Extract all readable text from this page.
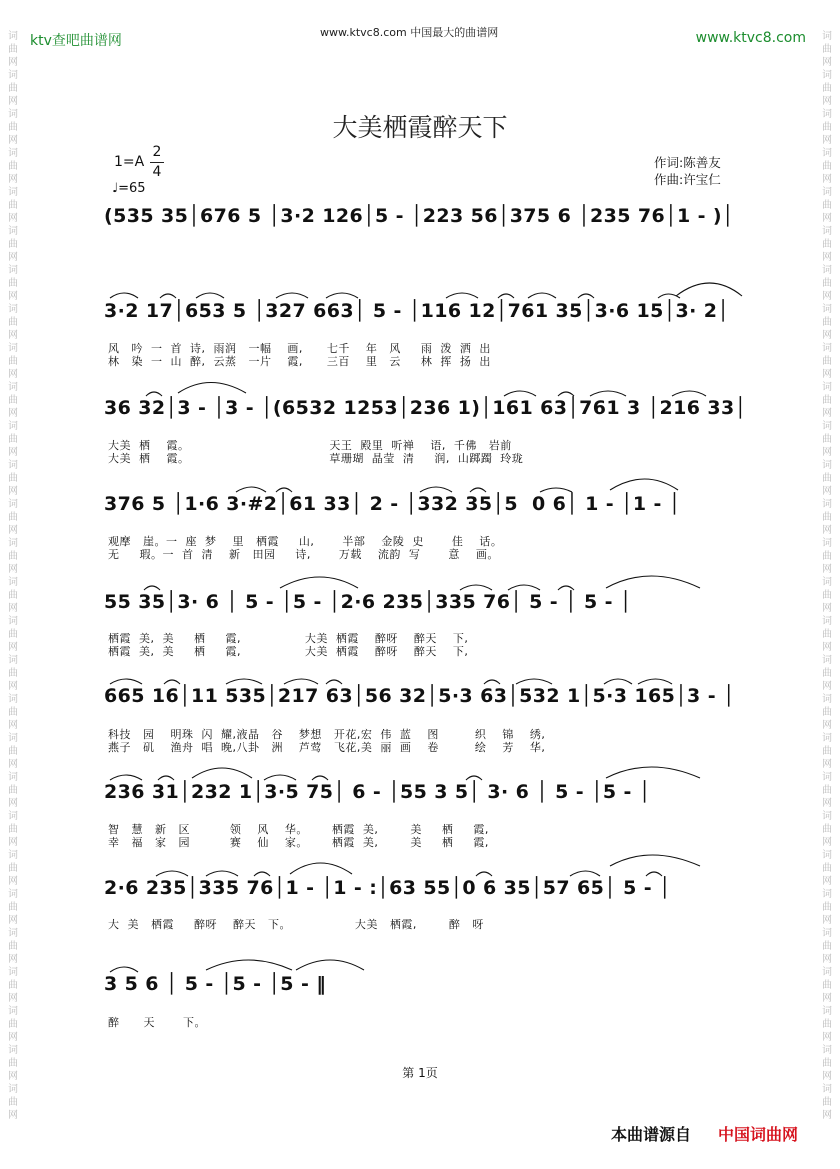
ktv查吧曲谱网
www.ktvc8.com 中国最大的曲谱网	www.ktvc8.com
词 曲 网 词 曲 网 词 曲 网 词 曲 网 词 曲 网 词 曲 网 词 曲 网 词 曲 网 词 曲 网 词 曲 网 词 曲 网 词 曲 网 词 曲 网 词 曲 网 词 曲 网 词 曲 网 词 曲 网 词 曲 网 词 曲 网 词 曲 网 词 曲 网 词 曲 网 词 曲 网 词 曲 网 词 曲 网 词 曲 网 词 曲 网 词 曲 网
词 曲 网 词 曲 网 词 曲 网 词 曲 网 词 曲 网 词 曲 网 词 曲 网 词 曲 网 词 曲 网 词 曲 网 词 曲 网 词 曲 网 词 曲 网 词 曲 网 词 曲 网 词 曲 网 词 曲 网 词 曲 网 词 曲 网 词 曲 网 词 曲 网 词 曲 网 词 曲 网 词 曲 网 词 曲 网 词 曲 网 词 曲 网 词 曲 网
大美栖霞醉天下
1=A
2
4
♩=65
作词:陈善友
作曲:许宝仁
(535 35│676 5 │3·2 126│5 - │223 56│375 6 │235 76│1 - )│
3·2 17│653 5 │327 663│ 5 - │116 12│761 35│3·6 15│3· 2│
风   吟  一  首  诗,  雨润   一幅    画,      七千    年   风     雨  泼  洒  出
林   染  一  山  醉,  云蒸   一片    霞,      三百    里   云     林  挥  扬  出
36 32│3 - │3 - │(6532 1253│236 1)│161 63│761 3 │216 33│
大美  栖    霞。                                   天王  殿里  听禅    语,  千佛   岩前
大美  栖    霞。                                   草珊瑚  晶莹  清     润,  山踯躅  玲珑
376 5 │1·6 3·#2│61 33│ 2 - │332 35│5  0 6│ 1 - │1 - │
观摩   崖。一  座  梦    里   栖霞     山,       半部    金陵  史       佳    话。
无     瑕。一  首  清    新   田园     诗,       万载    流韵  写       意    画。
55 35│3· 6 │ 5 - │5 - │2·6 235│335 76│ 5 - │ 5 - │
栖霞  美,  美     栖     霞,                大美  栖霞    醉呀    醉天    下,
栖霞  美,  美     栖     霞,                大美  栖霞    醉呀    醉天    下,
665 16│11 535│217 63│56 32│5·3 63│532 1│5·3 165│3 - │
科技   园    明珠  闪  耀,液晶   谷    梦想   开花,宏  伟  蓝    图         织    锦    绣,
燕子   矶    渔舟  唱  晚,八卦   洲    芦莺   飞花,美  丽  画    卷         绘    芳    华,
236 31│232 1│3·5 75│ 6 - │55 3 5│ 3· 6 │ 5 - │5 - │
智   慧   新   区          领    风    华。      栖霞  美,        美     栖     霞,
幸   福   家   园          赛    仙    家。      栖霞  美,        美     栖     霞,
2·6 235│335 76│1 - │1 - :│63 55│0 6 35│57 65│ 5 - │
大  美   栖霞     醉呀    醉天   下。                大美   栖霞,        醉   呀
3 5 6 │ 5 - │5 - │5 - ‖
醉      天       下。
第 1页
本曲谱源自 中国词曲网
